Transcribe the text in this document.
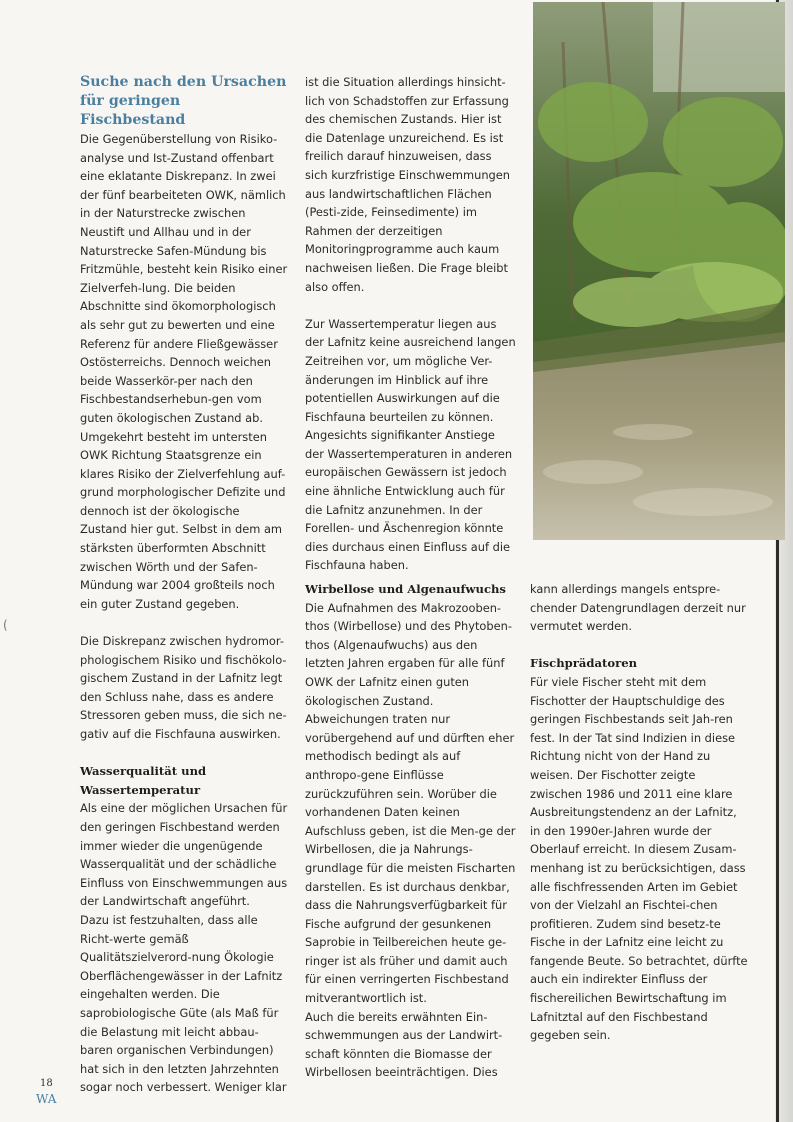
(
Suche nach den Ursachen für geringen Fischbestand

Die Gegenüberstellung von Risiko-analyse und Ist-Zustand offenbart eine eklatante Diskrepanz. In zwei der fünf bearbeiteten OWK, nämlich in der Naturstrecke zwischen Neustift und Allhau und in der Naturstrecke Safen-Mündung bis Fritzmühle, besteht kein Risiko einer Zielverfeh-lung. Die beiden Abschnitte sind ökomorphologisch als sehr gut zu bewerten und eine Referenz für andere Fließgewässer Ostösterreichs. Dennoch weichen beide Wasserkör-per nach den Fischbestandserhebun-gen vom guten ökologischen Zustand ab. Umgekehrt besteht im untersten OWK Richtung Staatsgrenze ein klares Risiko der Zielverfehlung auf-grund morphologischer Defizite und dennoch ist der ökologische Zustand hier gut. Selbst in dem am stärksten überformten Abschnitt zwischen Wörth und der Safen-Mündung war 2004 großteils noch ein guter Zustand gegeben.

Die Diskrepanz zwischen hydromor-phologischem Risiko und fischökolo-gischem Zustand in der Lafnitz legt den Schluss nahe, dass es andere Stressoren geben muss, die sich ne-gativ auf die Fischfauna auswirken.

Wasserqualität und Wassertemperatur

Als eine der möglichen Ursachen für den geringen Fischbestand werden immer wieder die ungenügende Wasserqualität und der schädliche Einfluss von Einschwemmungen aus der Landwirtschaft angeführt.

Dazu ist festzuhalten, dass alle Richt-werte gemäß Qualitätszielverord-nung Ökologie Oberflächengewässer in der Lafnitz eingehalten werden. Die saprobiologische Güte (als Maß für die Belastung mit leicht abbau-baren organischen Verbindungen) hat sich in den letzten Jahrzehnten sogar noch verbessert. Weniger klar

ist die Situation allerdings hinsicht-lich von Schadstoffen zur Erfassung des chemischen Zustands. Hier ist die Datenlage unzureichend. Es ist freilich darauf hinzuweisen, dass sich kurzfristige Einschwemmungen aus landwirtschaftlichen Flächen (Pesti-zide, Feinsedimente) im Rahmen der derzeitigen Monitoringprogramme auch kaum nachweisen ließen. Die Frage bleibt also offen.

Zur Wassertemperatur liegen aus der Lafnitz keine ausreichend langen Zeitreihen vor, um mögliche Ver-änderungen im Hinblick auf ihre potentiellen Auswirkungen auf die Fischfauna beurteilen zu können. Angesichts signifikanter Anstiege der Wassertemperaturen in anderen europäischen Gewässern ist jedoch eine ähnliche Entwicklung auch für die Lafnitz anzunehmen. In der Forellen- und Äschenregion könnte dies durchaus einen Einfluss auf die Fischfauna haben.

Wirbellose und Algenaufwuchs

Die Aufnahmen des Makrozooben-thos (Wirbellose) und des Phytoben-thos (Algenaufwuchs) aus den letzten Jahren ergaben für alle fünf OWK der Lafnitz einen guten ökologischen Zustand. Abweichungen traten nur vorübergehend auf und dürften eher methodisch bedingt als auf anthropo-gene Einflüsse zurückzuführen sein. Worüber die vorhandenen Daten keinen Aufschluss geben, ist die Men-ge der Wirbellosen, die ja Nahrungs-grundlage für die meisten Fischarten darstellen. Es ist durchaus denkbar, dass die Nahrungsverfügbarkeit für Fische aufgrund der gesunkenen Saprobie in Teilbereichen heute ge-ringer ist als früher und damit auch für einen verringerten Fischbestand mitverantwortlich ist.

Auch die bereits erwähnten Ein-schwemmungen aus der Landwirt-schaft könnten die Biomasse der Wirbellosen beeinträchtigen. Dies

kann allerdings mangels entspre-chender Datengrundlagen derzeit nur vermutet werden.

Fischprädatoren

Für viele Fischer steht mit dem Fischotter der Hauptschuldige des geringen Fischbestands seit Jah-ren fest. In der Tat sind Indizien in diese Richtung nicht von der Hand zu weisen. Der Fischotter zeigte zwischen 1986 und 2011 eine klare Ausbreitungstendenz an der Lafnitz, in den 1990er-Jahren wurde der Oberlauf erreicht. In diesem Zusam-menhang ist zu berücksichtigen, dass alle fischfressenden Arten im Gebiet von der Vielzahl an Fischtei-chen profitieren. Zudem sind besetz-te Fische in der Lafnitz eine leicht zu fangende Beute. So betrachtet, dürfte auch ein indirekter Einfluss der fischereilichen Bewirtschaftung im Lafnitztal auf den Fischbestand gegeben sein.

18
WA
